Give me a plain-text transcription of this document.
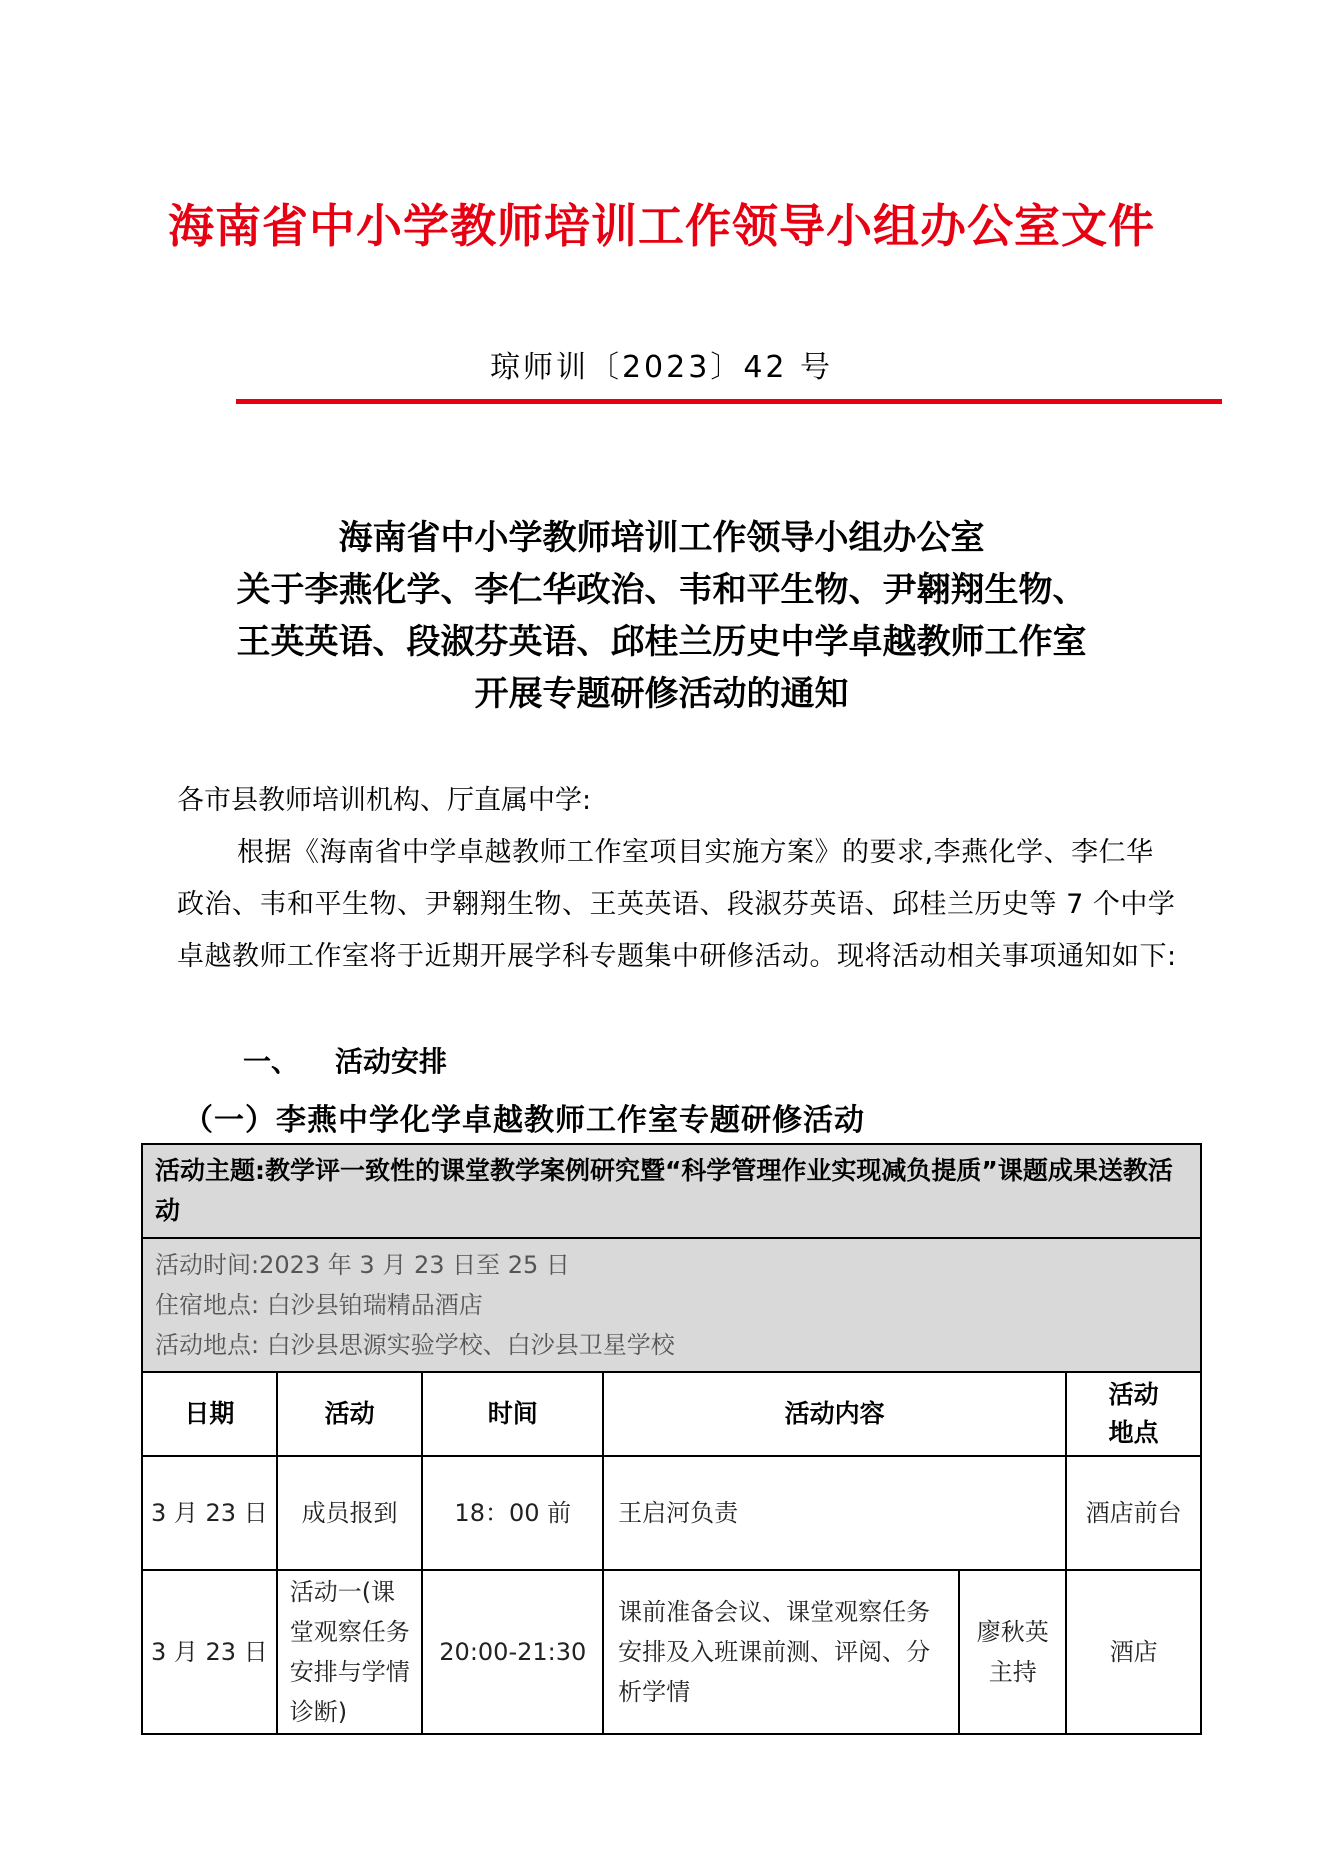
海南省中小学教师培训工作领导小组办公室文件
琼师训〔2023〕42 号
海南省中小学教师培训工作领导小组办公室
关于李燕化学、李仁华政治、韦和平生物、尹翱翔生物、
王英英语、段淑芬英语、邱桂兰历史中学卓越教师工作室
开展专题研修活动的通知
各市县教师培训机构、厅直属中学:
根据《海南省中学卓越教师工作室项目实施方案》的要求,李燕化学、李仁华政治、韦和平生物、尹翱翔生物、王英英语、段淑芬英语、邱桂兰历史等 7 个中学卓越教师工作室将于近期开展学科专题集中研修活动。现将活动相关事项通知如下:
一、 活动安排
（一）李燕中学化学卓越教师工作室专题研修活动
活动主题:教学评一致性的课堂教学案例研究暨“科学管理作业实现减负提质”课题成果送教活动					

活动时间:2023 年 3 月 23 日至 25 日
住宿地点: 白沙县铂瑞精品酒店
活动地点: 白沙县思源实验学校、白沙县卫星学校					

日期	活动	时间	活动内容		活动
地点

3 月 23 日	成员报到	18：00 前	王启河负责		酒店前台
3 月 23 日	活动一(课堂观察任务安排与学情诊断)	20:00-21:30	课前准备会议、课堂观察任务安排及入班课前测、评阅、分析学情	廖秋英主持	酒店
